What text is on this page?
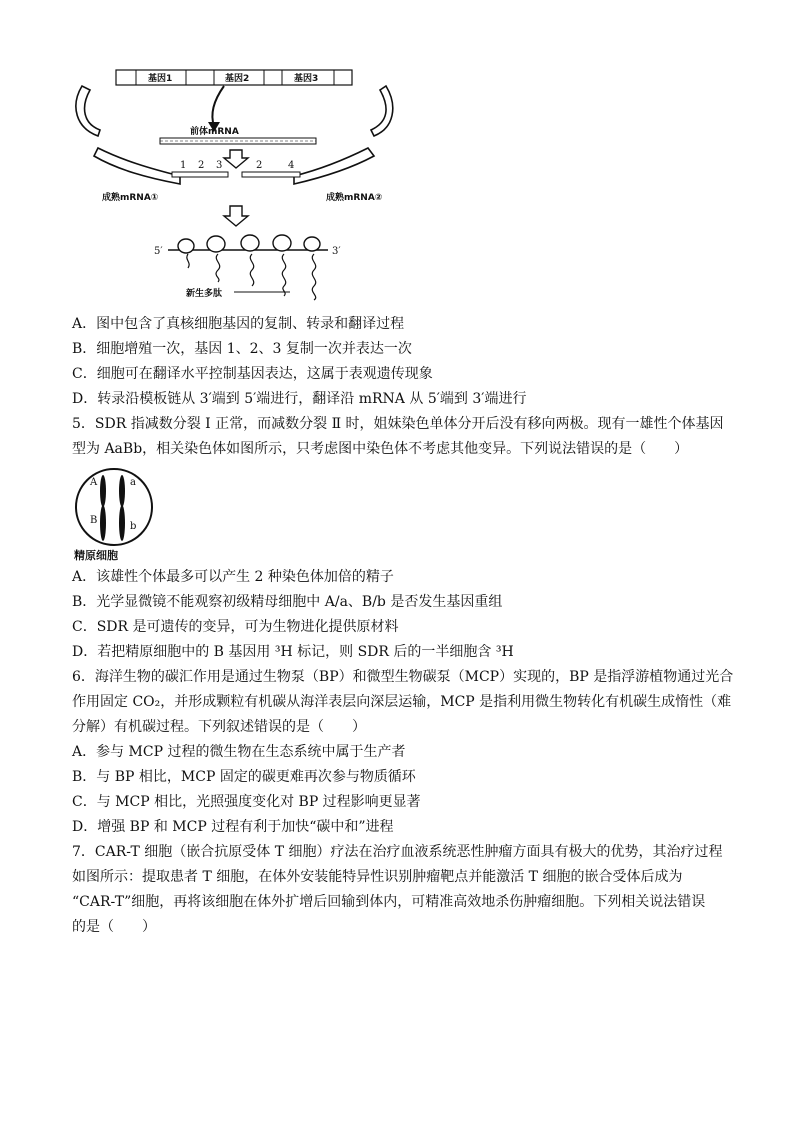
基因1	基因2	基因3
前体mRNA
1 2 3	2	4
成熟mRNA①	成熟mRNA②
5′	3′
新生多肽
A．图中包含了真核细胞基因的复制、转录和翻译过程
B．细胞增殖一次，基因 1、2、3 复制一次并表达一次
C．细胞可在翻译水平控制基因表达，这属于表观遗传现象
D．转录沿模板链从 3′端到 5′端进行，翻译沿 mRNA 从 5′端到 3′端进行
5．SDR 指减数分裂 Ⅰ 正常，而减数分裂 Ⅱ 时，姐妹染色单体分开后没有移向两极。现有一雄性个体基因
型为 AaBb，相关染色体如图所示，只考虑图中染色体不考虑其他变异。下列说法错误的是（　　）
A	a
B
b
精原细胞
A．该雄性个体最多可以产生 2 种染色体加倍的精子
B．光学显微镜不能观察初级精母细胞中 A/a、B/b 是否发生基因重组
C．SDR 是可遗传的变异，可为生物进化提供原材料
D．若把精原细胞中的 B 基因用 ³H 标记，则 SDR 后的一半细胞含 ³H
6．海洋生物的碳汇作用是通过生物泵（BP）和微型生物碳泵（MCP）实现的，BP 是指浮游植物通过光合
作用固定 CO₂，并形成颗粒有机碳从海洋表层向深层运输，MCP 是指利用微生物转化有机碳生成惰性（难
分解）有机碳过程。下列叙述错误的是（　　）
A．参与 MCP 过程的微生物在生态系统中属于生产者
B．与 BP 相比，MCP 固定的碳更难再次参与物质循环
C．与 MCP 相比，光照强度变化对 BP 过程影响更显著
D．增强 BP 和 MCP 过程有利于加快“碳中和”进程
7．CAR-T 细胞（嵌合抗原受体 T 细胞）疗法在治疗血液系统恶性肿瘤方面具有极大的优势，其治疗过程
如图所示：提取患者 T 细胞，在体外安装能特异性识别肿瘤靶点并能激活 T 细胞的嵌合受体后成为
“CAR-T”细胞，再将该细胞在体外扩增后回输到体内，可精准高效地杀伤肿瘤细胞。下列相关说法错误
的是（　　）
